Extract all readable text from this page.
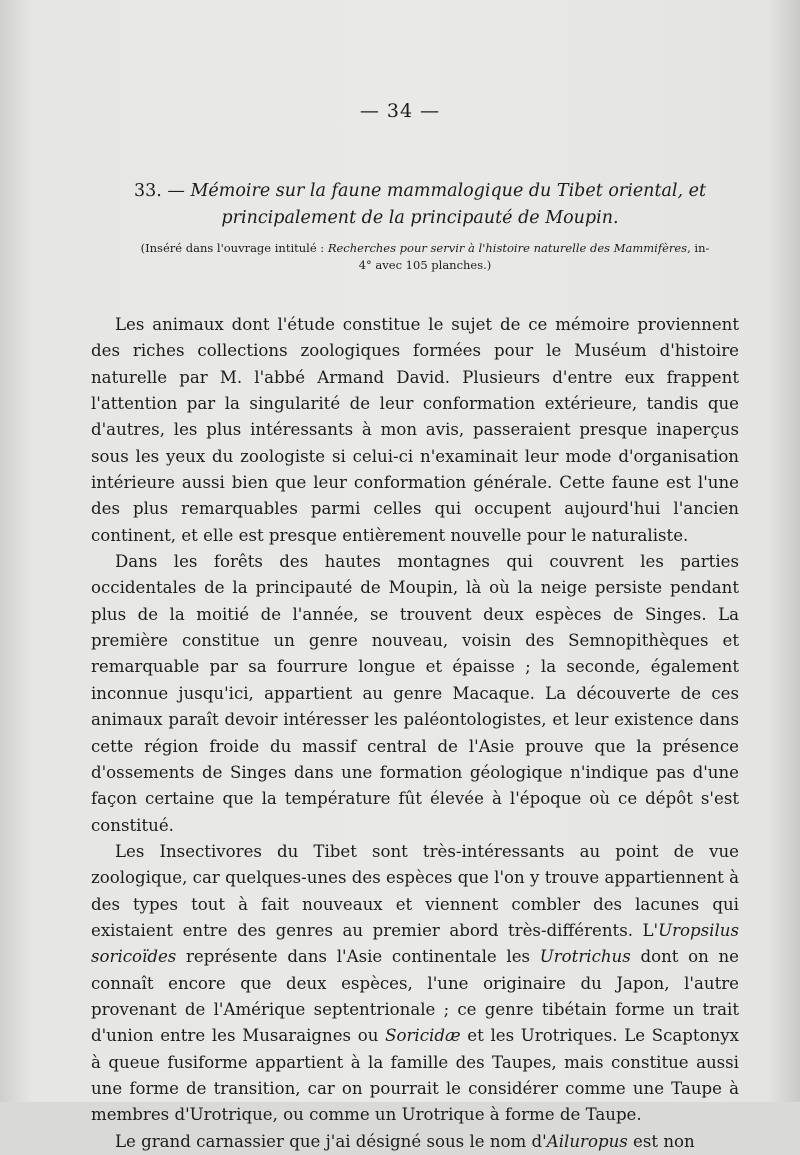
— 34 —
33. — Mémoire sur la faune mammalogique du Tibet oriental, et principalement de la principauté de Moupin.
(Inséré dans l'ouvrage intitulé : Recherches pour servir à l'histoire naturelle des Mammifères, in-4° avec 105 planches.)

Les animaux dont l'étude constitue le sujet de ce mémoire proviennent des riches collections zoologiques formées pour le Muséum d'histoire naturelle par M. l'abbé Armand David. Plusieurs d'entre eux frappent l'attention par la singularité de leur conformation extérieure, tandis que d'autres, les plus intéressants à mon avis, passeraient presque inaperçus sous les yeux du zoologiste si celui-ci n'examinait leur mode d'organisation intérieure aussi bien que leur conformation générale. Cette faune est l'une des plus remarquables parmi celles qui occupent aujourd'hui l'ancien continent, et elle est presque entièrement nouvelle pour le naturaliste.

Dans les forêts des hautes montagnes qui couvrent les parties occidentales de la principauté de Moupin, là où la neige persiste pendant plus de la moitié de l'année, se trouvent deux espèces de Singes. La première constitue un genre nouveau, voisin des Semnopithèques et remarquable par sa fourrure longue et épaisse ; la seconde, également inconnue jusqu'ici, appartient au genre Macaque. La découverte de ces animaux paraît devoir intéresser les paléontologistes, et leur existence dans cette région froide du massif central de l'Asie prouve que la présence d'ossements de Singes dans une formation géologique n'indique pas d'une façon certaine que la température fût élevée à l'époque où ce dépôt s'est constitué.

Les Insectivores du Tibet sont très-intéressants au point de vue zoologique, car quelques-unes des espèces que l'on y trouve appartiennent à des types tout à fait nouveaux et viennent combler des lacunes qui existaient entre des genres au premier abord très-différents. L'Uropsilus soricoïdes représente dans l'Asie continentale les Urotrichus dont on ne connaît encore que deux espèces, l'une originaire du Japon, l'autre provenant de l'Amérique septentrionale ; ce genre tibétain forme un trait d'union entre les Musaraignes ou Soricidæ et les Urotriques. Le Scaptonyx à queue fusiforme appartient à la famille des Taupes, mais constitue aussi une forme de transition, car on pourrait le considérer comme une Taupe à membres d'Urotrique, ou comme un Urotrique à forme de Taupe.

Le grand carnassier que j'ai désigné sous le nom d'Ailuropus est non
